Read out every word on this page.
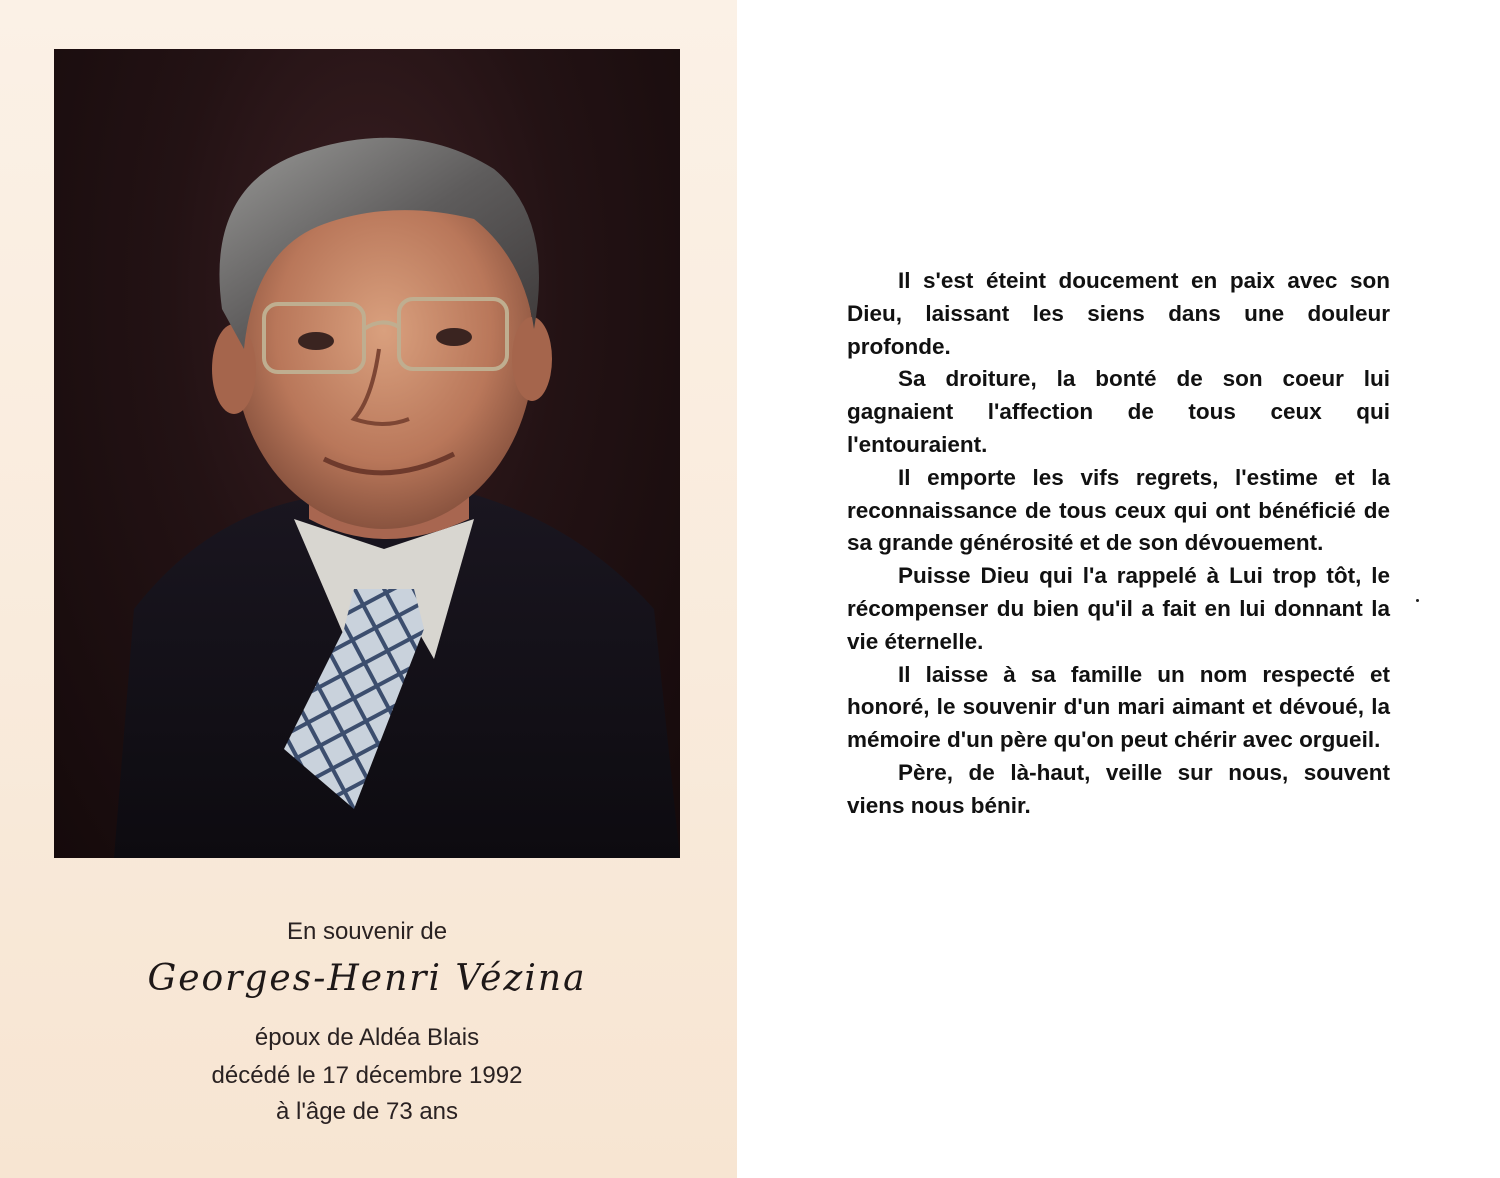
En souvenir de
Georges-Henri Vézina
époux de Aldéa Blais
décédé le 17 décembre 1992
à l'âge de 73 ans

Il s'est éteint doucement en paix avec son Dieu, laissant les siens dans une douleur profonde.

Sa droiture, la bonté de son coeur lui gagnaient l'affection de tous ceux qui l'entouraient.

Il emporte les vifs regrets, l'estime et la reconnaissance de tous ceux qui ont bénéficié de sa grande générosité et de son dévouement.

Puisse Dieu qui l'a rappelé à Lui trop tôt, le récompenser du bien qu'il a fait en lui donnant la vie éternelle.

Il laisse à sa famille un nom respecté et honoré, le souvenir d'un mari aimant et dévoué, la mémoire d'un père qu'on peut chérir avec orgueil.

Père, de là-haut, veille sur nous, souvent viens nous bénir.
